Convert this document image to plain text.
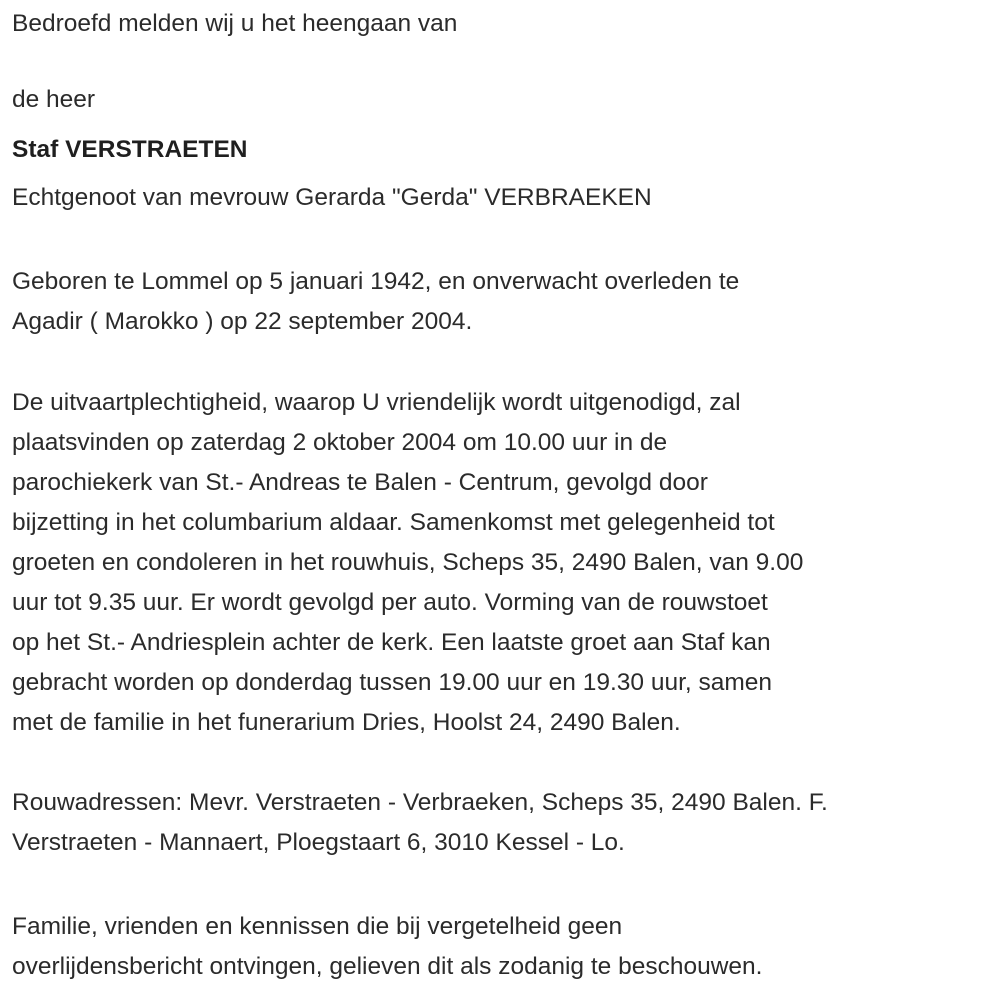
Bedroefd melden wij u het heengaan van

de heer

Staf VERSTRAETEN

Echtgenoot van mevrouw Gerarda "Gerda" VERBRAEKEN

Geboren te Lommel op 5 januari 1942, en onverwacht overleden te
Agadir ( Marokko ) op 22 september 2004.

De uitvaartplechtigheid, waarop U vriendelijk wordt uitgenodigd, zal
plaatsvinden op zaterdag 2 oktober 2004 om 10.00 uur in de
parochiekerk van St.- Andreas te Balen - Centrum, gevolgd door
bijzetting in het columbarium aldaar. Samenkomst met gelegenheid tot
groeten en condoleren in het rouwhuis, Scheps 35, 2490 Balen, van 9.00
uur tot 9.35 uur. Er wordt gevolgd per auto. Vorming van de rouwstoet
op het St.- Andriesplein achter de kerk. Een laatste groet aan Staf kan
gebracht worden op donderdag tussen 19.00 uur en 19.30 uur, samen
met de familie in het funerarium Dries, Hoolst 24, 2490 Balen.

Rouwadressen: Mevr. Verstraeten - Verbraeken, Scheps 35, 2490 Balen. F.
Verstraeten - Mannaert, Ploegstaart 6, 3010 Kessel - Lo.

Familie, vrienden en kennissen die bij vergetelheid geen
overlijdensbericht ontvingen, gelieven dit als zodanig te beschouwen.
